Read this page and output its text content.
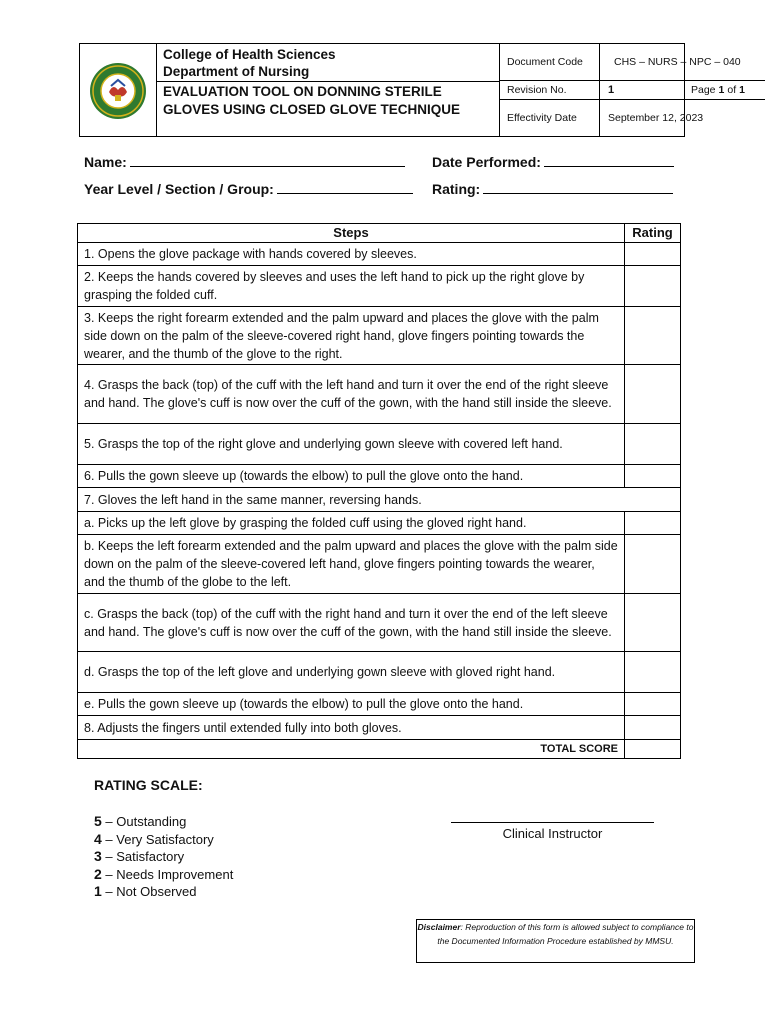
College of Health Sciences
Department of Nursing
EVALUATION TOOL ON DONNING STERILE GLOVES USING CLOSED GLOVE TECHNIQUE
Document Code	CHS – NURS – NPC – 040
Revision No.	1	Page 1 of 1
Effectivity Date	September 12, 2023
Name:	Date Performed:
Year Level / Section / Group:	Rating:
Steps	Rating
1. Opens the glove package with hands covered by sleeves.	
2. Keeps the hands covered by sleeves and uses the left hand to pick up the right glove by grasping the folded cuff.	
3. Keeps the right forearm extended and the palm upward and places the glove with the palm side down on the palm of the sleeve-covered right hand, glove fingers pointing towards the wearer, and the thumb of the glove to the right.	
4. Grasps the back (top) of the cuff with the left hand and turn it over the end of the right sleeve and hand. The glove's cuff is now over the cuff of the gown, with the hand still inside the sleeve.	
5. Grasps the top of the right glove and underlying gown sleeve with covered left hand.	
6. Pulls the gown sleeve up (towards the elbow) to pull the glove onto the hand.	
7. Gloves the left hand in the same manner, reversing hands.	
a. Picks up the left glove by grasping the folded cuff using the gloved right hand.	
b. Keeps the left forearm extended and the palm upward and places the glove with the palm side down on the palm of the sleeve-covered left hand, glove fingers pointing towards the wearer, and the thumb of the globe to the left.	
c. Grasps the back (top) of the cuff with the right hand and turn it over the end of the left sleeve and hand. The glove's cuff is now over the cuff of the gown, with the hand still inside the sleeve.	
d. Grasps the top of the left glove and underlying gown sleeve with gloved right hand.	
e. Pulls the gown sleeve up (towards the elbow) to pull the glove onto the hand.	
8. Adjusts the fingers until extended fully into both gloves.	
TOTAL SCORE	
RATING SCALE:
5 – Outstanding
4 – Very Satisfactory
3 – Satisfactory
2 – Needs Improvement
1 – Not Observed
Clinical Instructor
Disclaimer: Reproduction of this form is allowed subject to compliance to the Documented Information Procedure established by MMSU.
